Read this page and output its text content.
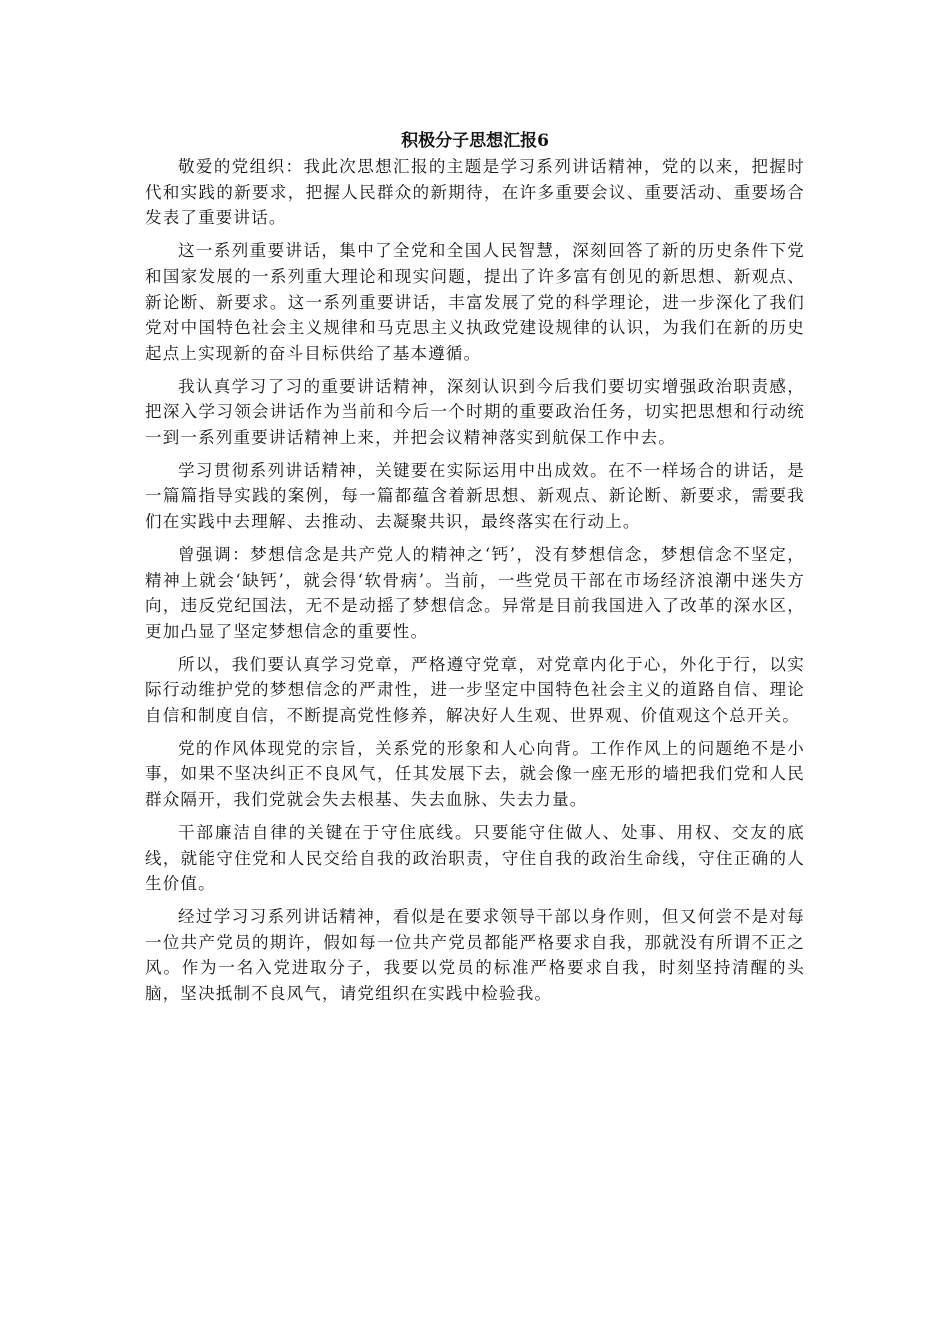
积极分子思想汇报6

敬爱的党组织：我此次思想汇报的主题是学习系列讲话精神，党的以来，把握时代和实践的新要求，把握人民群众的新期待，在许多重要会议、重要活动、重要场合发表了重要讲话。

这一系列重要讲话，集中了全党和全国人民智慧，深刻回答了新的历史条件下党和国家发展的一系列重大理论和现实问题，提出了许多富有创见的新思想、新观点、新论断、新要求。这一系列重要讲话，丰富发展了党的科学理论，进一步深化了我们党对中国特色社会主义规律和马克思主义执政党建设规律的认识，为我们在新的历史起点上实现新的奋斗目标供给了基本遵循。

我认真学习了习的重要讲话精神，深刻认识到今后我们要切实增强政治职责感，把深入学习领会讲话作为当前和今后一个时期的重要政治任务，切实把思想和行动统一到一系列重要讲话精神上来，并把会议精神落实到航保工作中去。

学习贯彻系列讲话精神，关键要在实际运用中出成效。在不一样场合的讲话，是一篇篇指导实践的案例，每一篇都蕴含着新思想、新观点、新论断、新要求，需要我们在实践中去理解、去推动、去凝聚共识，最终落实在行动上。

曾强调：梦想信念是共产党人的精神之‘钙’，没有梦想信念，梦想信念不坚定，精神上就会‘缺钙’，就会得‘软骨病’。当前，一些党员干部在市场经济浪潮中迷失方向，违反党纪国法，无不是动摇了梦想信念。异常是目前我国进入了改革的深水区，更加凸显了坚定梦想信念的重要性。

所以，我们要认真学习党章，严格遵守党章，对党章内化于心，外化于行，以实际行动维护党的梦想信念的严肃性，进一步坚定中国特色社会主义的道路自信、理论自信和制度自信，不断提高党性修养，解决好人生观、世界观、价值观这个总开关。

党的作风体现党的宗旨，关系党的形象和人心向背。工作作风上的问题绝不是小事，如果不坚决纠正不良风气，任其发展下去，就会像一座无形的墙把我们党和人民群众隔开，我们党就会失去根基、失去血脉、失去力量。

干部廉洁自律的关键在于守住底线。只要能守住做人、处事、用权、交友的底线，就能守住党和人民交给自我的政治职责，守住自我的政治生命线，守住正确的人生价值。

经过学习习系列讲话精神，看似是在要求领导干部以身作则，但又何尝不是对每一位共产党员的期许，假如每一位共产党员都能严格要求自我，那就没有所谓不正之风。作为一名入党进取分子，我要以党员的标准严格要求自我，时刻坚持清醒的头脑，坚决抵制不良风气，请党组织在实践中检验我。
